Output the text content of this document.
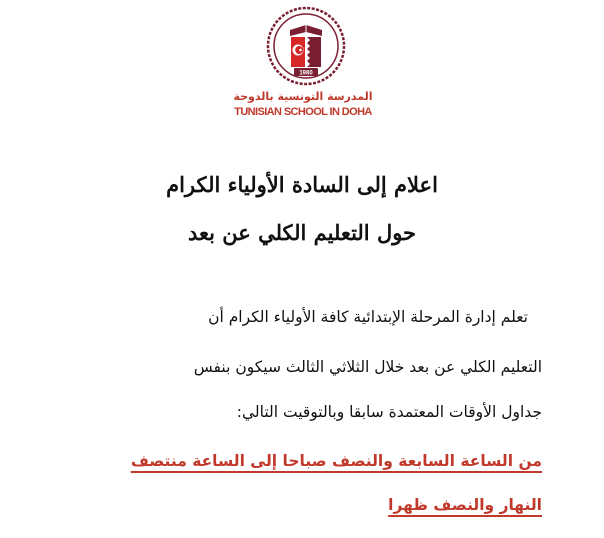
1980
المدرسة التونسية بالدوحة
TUNISIAN SCHOOL IN DOHA
اعلام إلى السادة الأولياء الكرام
حول التعليم الكلي عن بعد
تعلم إدارة المرحلة الإبتدائية كافة الأولياء الكرام أن
التعليم الكلي عن بعد خلال الثلاثي الثالث سيكون بنفس
جداول الأوقات المعتمدة سابقا وبالتوقيت التالي:
من الساعة السابعة والنصف صباحا إلى الساعة منتصف
النهار والنصف ظهرا
